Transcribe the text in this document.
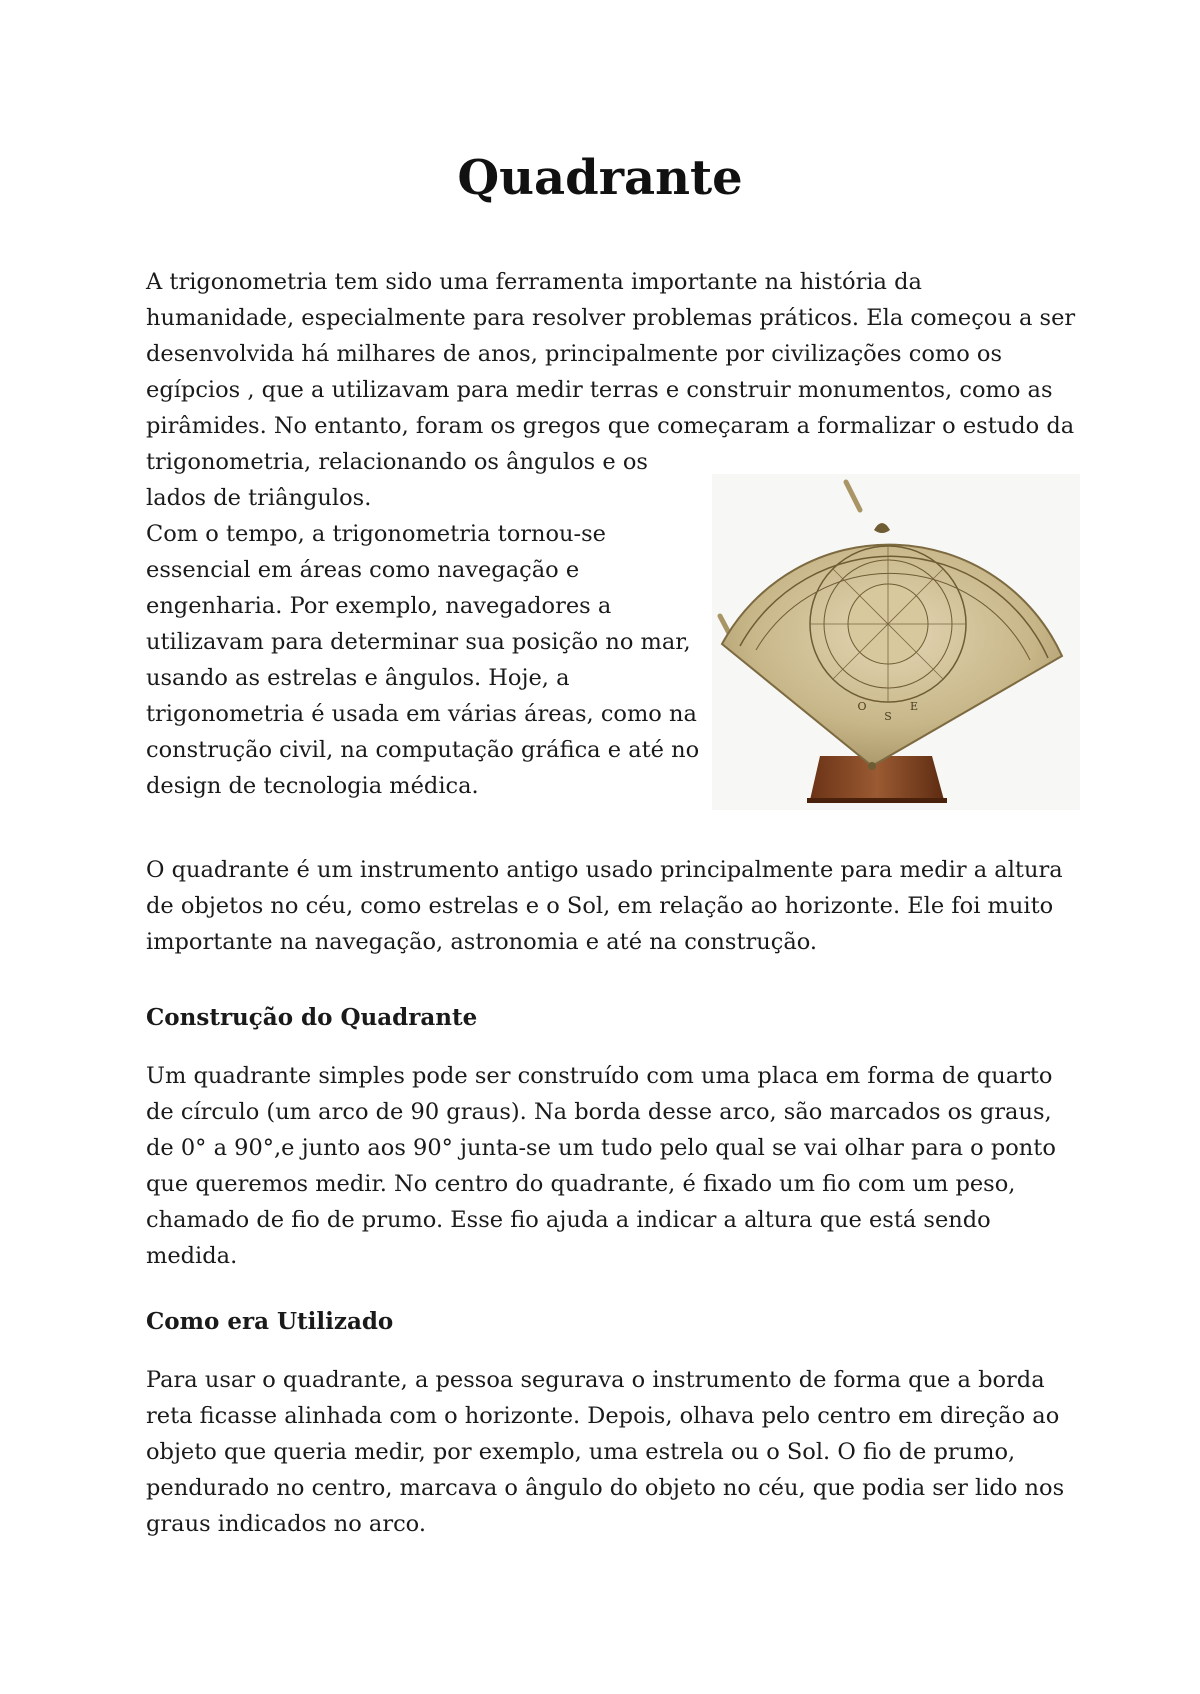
Quadrante
A trigonometria tem sido uma ferramenta importante na história da
humanidade, especialmente para resolver problemas práticos. Ela começou a ser
desenvolvida há milhares de anos, principalmente por civilizações como os
egípcios , que a utilizavam para medir terras e construir monumentos, como as
pirâmides. No entanto, foram os gregos que começaram a formalizar o estudo da
trigonometria, relacionando os ângulos e os
lados de triângulos.
Com o tempo, a trigonometria tornou-se
essencial em áreas como navegação e
engenharia. Por exemplo, navegadores a
utilizavam para determinar sua posição no mar,
usando as estrelas e ângulos. Hoje, a
trigonometria é usada em várias áreas, como na
construção civil, na computação gráfica e até no
design de tecnologia médica.
S
O	E

O quadrante é um instrumento antigo usado principalmente para medir a altura de objetos no céu, como estrelas e o Sol, em relação ao horizonte. Ele foi muito importante na navegação, astronomia e até na construção.

Construção do Quadrante

Um quadrante simples pode ser construído com uma placa em forma de quarto de círculo (um arco de 90 graus). Na borda desse arco, são marcados os graus, de 0° a 90°,e junto aos 90° junta-se um tudo pelo qual se vai olhar para o ponto que queremos medir. No centro do quadrante, é fixado um fio com um peso, chamado de fio de prumo. Esse fio ajuda a indicar a altura que está sendo medida.

Como era Utilizado

Para usar o quadrante, a pessoa segurava o instrumento de forma que a borda reta ficasse alinhada com o horizonte. Depois, olhava pelo centro em direção ao objeto que queria medir, por exemplo, uma estrela ou o Sol. O fio de prumo, pendurado no centro, marcava o ângulo do objeto no céu, que podia ser lido nos graus indicados no arco.
